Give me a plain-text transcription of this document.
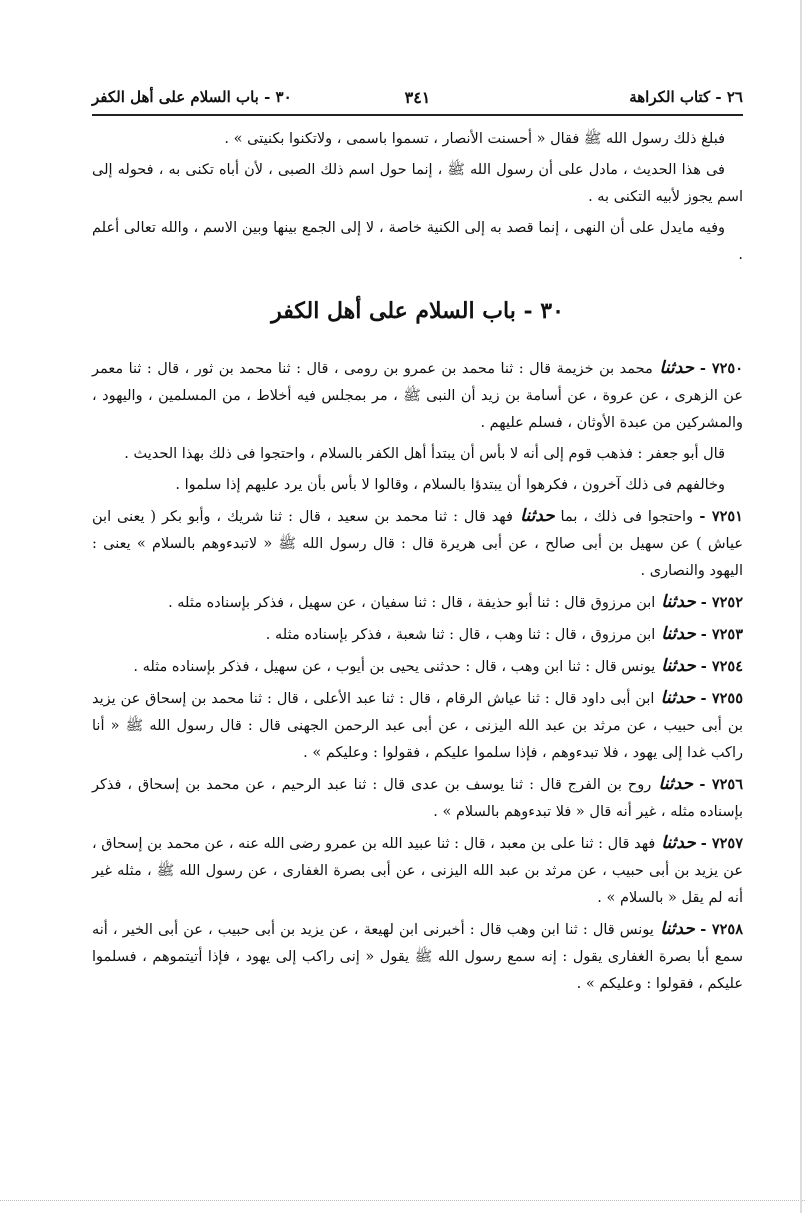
٢٦ - كتاب الكراهة
٣٤١
٣٠ - باب السلام على أهل الكفر

فبلغ ذلك رسول الله ﷺ فقال « أحسنت الأنصار ، تسموا باسمى ، ولاتكنوا بكنيتى » .

فى هذا الحديث ، مادل على أن رسول الله ﷺ ، إنما حول اسم ذلك الصبى ، لأن أباه تكنى به ، فحوله إلى اسم يجوز لأبيه التكنى به .

وفيه مايدل على أن النهى ، إنما قصد به إلى الكنية خاصة ، لا إلى الجمع بينها وبين الاسم ، والله تعالى أعلم .

٣٠ - باب السلام على أهل الكفر

٧٢٥٠ - حدثنا محمد بن خزيمة قال : ثنا محمد بن عمرو بن رومى ، قال : ثنا محمد بن ثور ، قال : ثنا معمر عن الزهرى ، عن عروة ، عن أسامة بن زيد أن النبى ﷺ ، مر بمجلس فيه أخلاط ، من المسلمين ، واليهود ، والمشركين من عبدة الأوثان ، فسلم عليهم .

قال أبو جعفر : فذهب قوم إلى أنه لا بأس أن يبتدأ أهل الكفر بالسلام ، واحتجوا فى ذلك بهذا الحديث .

وخالفهم فى ذلك آخرون ، فكرهوا أن يبتدؤا بالسلام ، وقالوا لا بأس بأن يرد عليهم إذا سلموا .

٧٢٥١ - واحتجوا فى ذلك ، بما حدثنا فهد قال : ثنا محمد بن سعيد ، قال : ثنا شريك ، وأبو بكر ( يعنى ابن عياش ) عن سهيل بن أبى صالح ، عن أبى هريرة قال : قال رسول الله ﷺ « لاتبدءوهم بالسلام » يعنى : اليهود والنصارى .

٧٢٥٢ - حدثنا ابن مرزوق قال : ثنا أبو حذيفة ، قال : ثنا سفيان ، عن سهيل ، فذكر بإسناده مثله .

٧٢٥٣ - حدثنا ابن مرزوق ، قال : ثنا وهب ، قال : ثنا شعبة ، فذكر بإسناده مثله .

٧٢٥٤ - حدثنا يونس قال : ثنا ابن وهب ، قال : حدثنى يحيى بن أيوب ، عن سهيل ، فذكر بإسناده مثله .

٧٢٥٥ - حدثنا ابن أبى داود قال : ثنا عياش الرقام ، قال : ثنا عبد الأعلى ، قال : ثنا محمد بن إسحاق عن يزيد بن أبى حبيب ، عن مرثد بن عبد الله اليزنى ، عن أبى عبد الرحمن الجهنى قال : قال رسول الله ﷺ « أنا راكب غدا إلى يهود ، فلا تبدءوهم ، فإذا سلموا عليكم ، فقولوا : وعليكم » .

٧٢٥٦ - حدثنا روح بن الفرج قال : ثنا يوسف بن عدى قال : ثنا عبد الرحيم ، عن محمد بن إسحاق ، فذكر بإسناده مثله ، غير أنه قال « فلا تبدءوهم بالسلام » .

٧٢٥٧ - حدثنا فهد قال : ثنا على بن معبد ، قال : ثنا عبيد الله بن عمرو رضى الله عنه ، عن محمد بن إسحاق ، عن يزيد بن أبى حبيب ، عن مرثد بن عبد الله اليزنى ، عن أبى بصرة الغفارى ، عن رسول الله ﷺ ، مثله غير أنه لم يقل « بالسلام » .

٧٢٥٨ - حدثنا يونس قال : ثنا ابن وهب قال : أخبرنى ابن لهيعة ، عن يزيد بن أبى حبيب ، عن أبى الخير ، أنه سمع أبا بصرة الغفارى يقول : إنه سمع رسول الله ﷺ يقول « إنى راكب إلى يهود ، فإذا أتيتموهم ، فسلموا عليكم ، فقولوا : وعليكم » .
